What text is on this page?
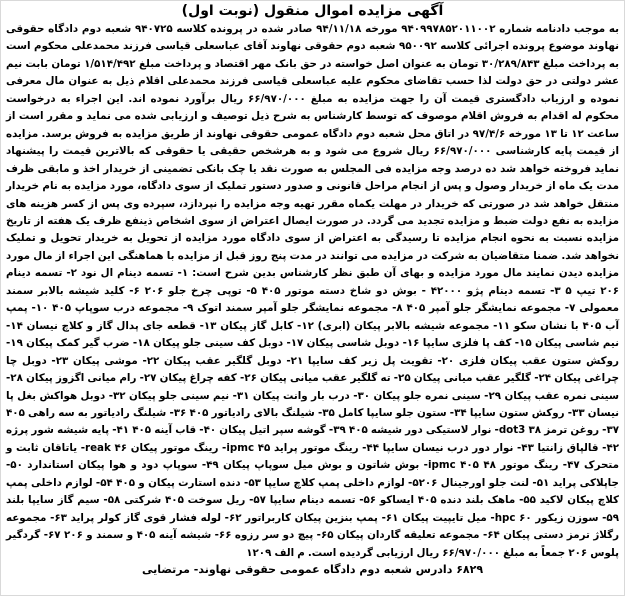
آگهی مزایده اموال منقول (نوبت اول)

به موجب دادنامه شماره ۹۴۰۹۹۷۸۵۲۰۱۱۰۰۲ مورخه ۹۴/۱۱/۱۸ صادر شده در پرونده کلاسه ۹۴۰۷۲۵ شعبه دوم دادگاه حقوقی نهاوند موضوع پرونده اجرائی کلاسه ۹۵۰۰۹۲ شعبه دوم حقوقی نهاوند آقای عباسعلی قیاسی فرزند محمدعلی محکوم است به پرداخت مبلغ ۳۰/۲۸۹/۸۴۳ تومان به عنوان اصل خواسته در حق بانک مهر اقتصاد و پرداخت مبلغ ۱/۵۱۴/۴۹۲ تومان بابت نیم عشر دولتی در حق دولت لذا حسب تقاضای محکوم علیه عباسعلی قیاسی فرزند محمدعلی اقلام ذیل به عنوان مال معرفی نموده و ارزیاب دادگستری قیمت آن را جهت مزایده به مبلغ ۶۶/۹۷۰/۰۰۰ ریال برآورد نموده اند. این اجراء به درخواست محکوم له اقدام به فروش اقلام موصوف که توسط کارشناس به شرح ذیل توصیف و ارزیابی شده می نماید و مقرر است از ساعت ۱۲ تا ۱۳ مورخه ۹۷/۴/۶ در اتاق محل شعبه دوم دادگاه عمومی حقوقی نهاوند از طریق مزایده به فروش برسد. مزایده از قیمت پایه کارشناسی ۶۶/۹۷۰/۰۰۰ ریال شروع می شود و به هرشخص حقیقی یا حقوقی که بالاترین قیمت را پیشنهاد نماید فروخته خواهد شد ده درصد وجه مزایده فی المجلس به صورت نقد یا چک بانکی تضمینی از خریدار اخذ و مابقی ظرف مدت یک ماه از خریدار وصول و پس از انجام مراحل قانونی و صدور دستور تملیک از سوی دادگاه، مورد مزایده به نام خریدار منتقل خواهد شد در صورتی که خریدار در مهلت یکماه مقرر تهیه وجه مزایده را نپردازد، سپرده وی پس از کسر هزینه های مزایده به نفع دولت ضبط و مزایده تجدید می گردد. در صورت ایصال اعتراض از سوی اشخاص ذینفع ظرف یک هفته از تاریخ مزایده نسبت به نحوه انجام مزایده تا رسیدگی به اعتراض از سوی دادگاه مورد مزایده از تحویل به خریدار تحویل و تملیک نخواهد شد. ضمنا متقاضیان به شرکت در مزایده می توانند در مدت پنج روز قبل از مزایده با هماهنگی این اجراء از مال مورد مزایده دیدن نمایند مال مورد مزایده و بهای آن طبق نظر کارشناس بدین شرح است: ۱- تسمه دینام ال نود ۲- تسمه دینام ۲۰۶ تیپ ۵ ۳- تسمه دینام پژو ۴۲۰۰۰ - بوش دو شاخ دسته موتور ۴۰۵ ۵- توپی چرخ جلو ۲۰۶ ۶- کلید شیشه بالابر سمند معمولی ۷- مجموعه نمایشگر جلو آمپر ۴۰۵ ۸- مجموعه نمایشگر جلو آمپر سمند اتوک ۹- مجموعه درب سوپاپ ۴۰۵ ۱۰- پمپ آب ۴۰۵ با نشان سکو ۱۱- مجموعه شیشه بالابر پیکان (ابری) ۱۲- کابل گاز پیکان ۱۳- قطعه جای پدال گاز و کلاچ نیسان ۱۴- نیم شاسی پیکان ۱۵- کف پا فلزی سایپا ۱۶- دوبل شاسی پیکان ۱۷- دوبل کف سینی جلو پیکان ۱۸- ضرب گیر کمک پیکان ۱۹- روکش ستون عقب پیکان فلزی ۲۰- تقویت پل زیر کف سایپا ۲۱- دوبل گلگیر عقب پیکان ۲۲- موشی پیکان ۲۳- دوبل چا چراغی پیکان ۲۴- گلگیر عقب میانی پیکان ۲۵- ته گلگیر عقب میانی پیکان ۲۶- کفه چراغ پیکان ۲۷- رام میانی اگزوز پیکان ۲۸- سینی نمره عقب پیکان ۲۹- سینی نمره جلو پیکان ۳۰- درب بار وانت پیکان ۳۱- نیم سینی جلو پیکان ۳۲- دوبل هواکش بغل پا نیسان ۳۳- روکش ستون سایپا ۳۴- ستون جلو سایپا کامل ۳۵- شیلنگ بالای رادیاتور ۴۰۵ ۳۶- شیلنگ رادیاتور به سه راهی ۴۰۵ ۳۷- روغن ترمز dot3 ۳۸- نوار لاستیکی دور شیشه ۴۰۵ ۳۹- گوشه سپر اتیل پیکان ۴۰- قاب آینه ۴۰۵ ۴۱- پایه شیشه شور پرژه ۴۲- قالپاق زانتیا ۴۳- نوار دور درب نیسان سایپا ۴۴- رینگ موتور پراید ipmc ۴۵- رینگ موتور پیکان reak ۴۶- یاتاقان ثابت و متحرک ۴۷- رینگ موتور ipmc ۴۰۵ ۴۸- بوش شاتون و بوش میل سوپاپ پیکان ۴۹- سوپاپ دود و هوا پیکان استاندارد ۵۰- جاپلاکی پراید ۵۱- لنت جلو اورجینال ۵۲۰۶- لوازم داخلی پمپ کلاچ سایپا ۵۳- دنده استارت پیکان و ۴۰۵ ۵۴- لوازم داخلی پمپ کلاچ پیکان لاکید ۵۵- ماهک بلند دنده ۴۰۵ ایساکو ۵۶- تسمه دینام سایپا ۵۷- ریل سوخت ۴۰۵ شرکتی ۵۸- سیم گاز سایپا بلند ۵۹- سوزن زیکور hpc ۶۰- میل تایپیت پیکان ۶۱- پمپ بنزین پیکان کاربراتور ۶۲- لوله فشار قوی گاز کولر پراید ۶۳- مجموعه رگلاژ ترمز دستی پیکان ۶۴- مجموعه تعلیقه گاردان پیکان ۶۵- پیچ دو سر رزوه ۶۶- شیشه آینه ۴۰۵ و سمند و ۲۰۶ ۶۷- گردگیر پلوس ۲۰۶ جمعاً به مبلغ ۶۶/۹۷۰/۰۰۰ ریال ارزیابی گردیده است. م الف ۱۲۰۹

۶۸۲۹ دادرس شعبه دوم دادگاه عمومی حقوقی نهاوند- مرتضایی
